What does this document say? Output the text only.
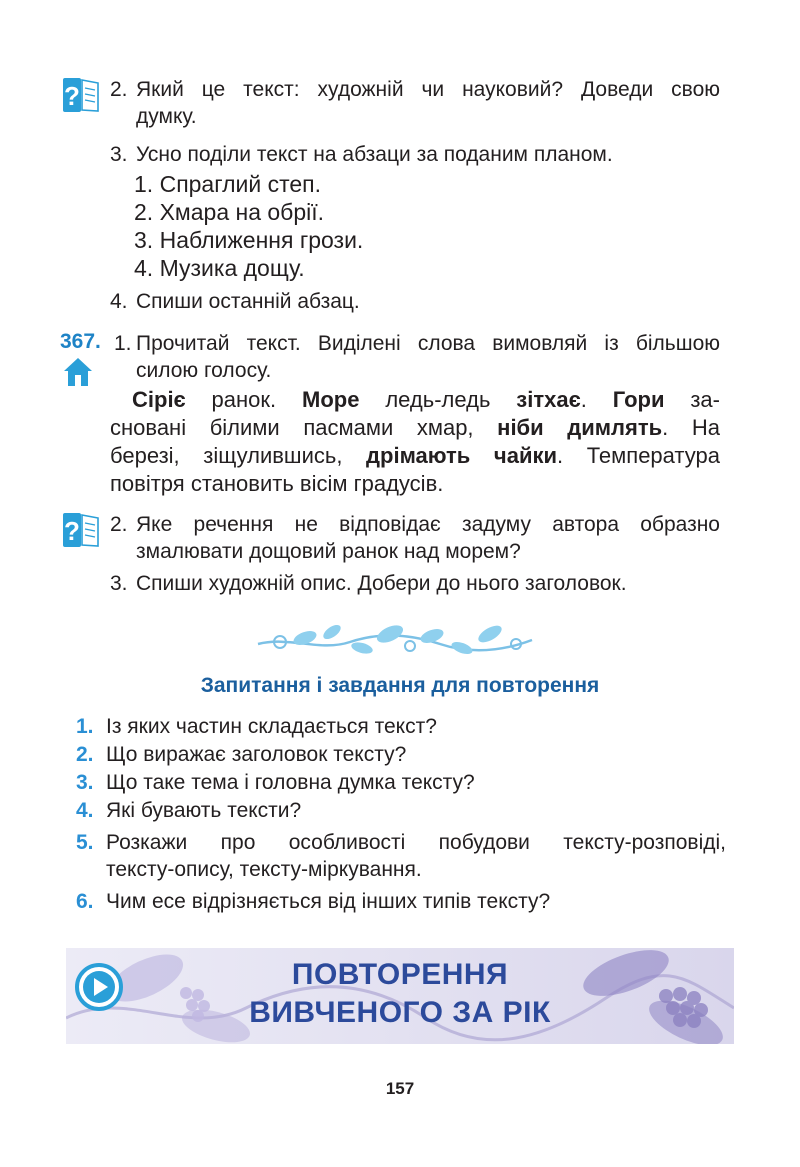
? 2. Який це текст: художній чи науковий? Доведи свою
думку.
3. Усно поділи текст на абзаци за поданим планом.
1. Спраглий степ.
2. Хмара на обрії.
3. Наближення грози.
4. Музика дощу.
4. Спиши останній абзац.
367. 1. Прочитай текст. Виділені слова вимовляй із більшою
силою голосу.
Сіріє ранок. Море ледь-ледь зітхає. Гори за-
сновані білими пасмами хмар, ніби димлять. На
березі, зіщулившись, дрімають чайки. Температура
повітря становить вісім градусів.
? 2. Яке речення не відповідає задуму автора образно
змалювати дощовий ранок над морем?
3. Спиши художній опис. Добери до нього заголовок.
Запитання і завдання для повторення
1. Із яких частин складається текст?
2. Що виражає заголовок тексту?
3. Що таке тема і головна думка тексту?
4. Які бувають тексти?
5. Розкажи про особливості побудови тексту-розповіді,
тексту-опису, тексту-міркування.
6. Чим есе відрізняється від інших типів тексту?
ПОВТОРЕННЯ
ВИВЧЕНОГО ЗА РІК
157
